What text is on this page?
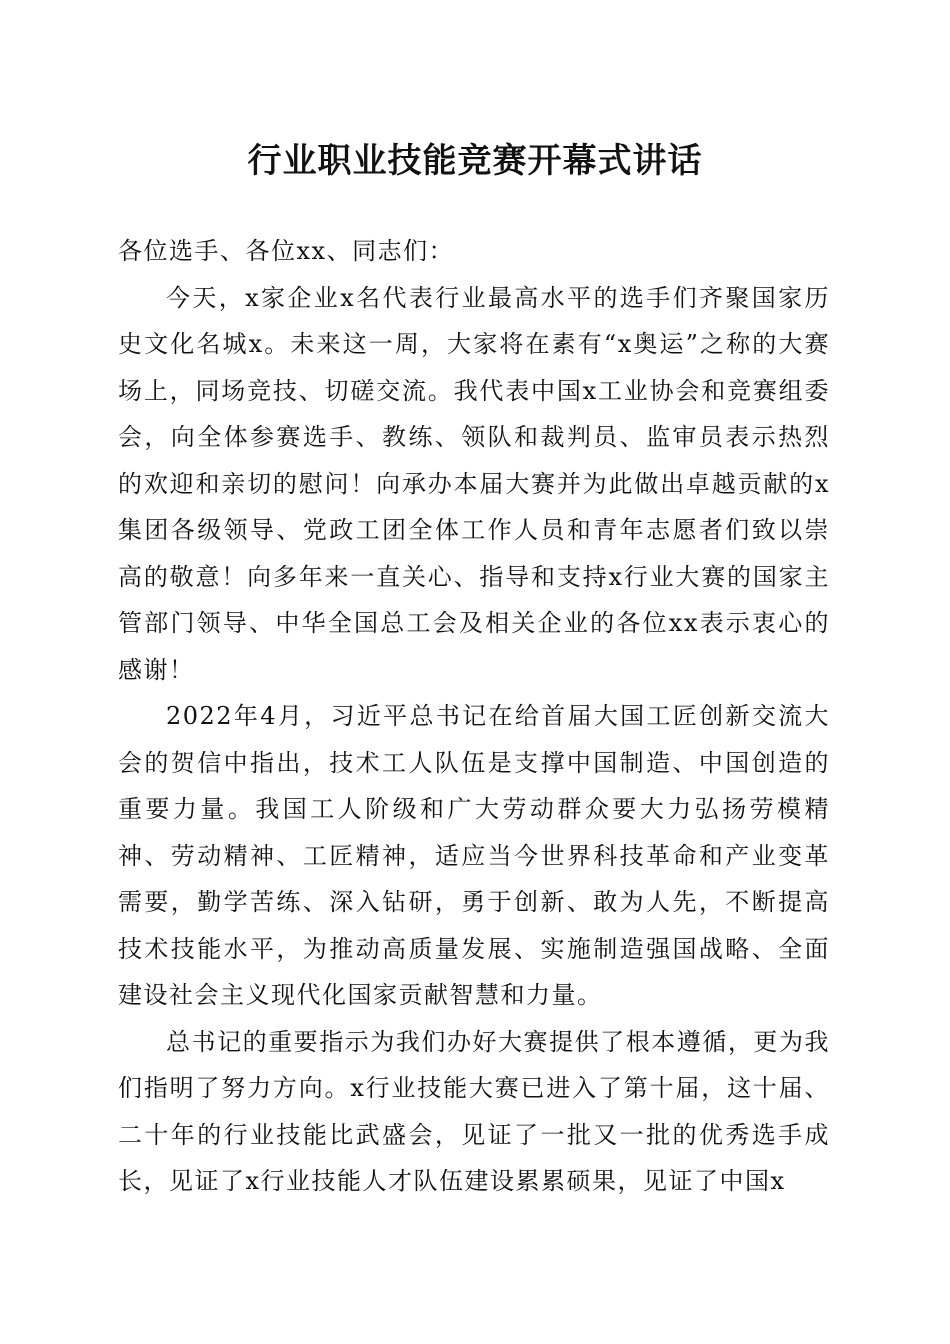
行业职业技能竞赛开幕式讲话

各位选手、各位xx、同志们：

今天，x家企业x名代表行业最高水平的选手们齐聚国家历史文化名城x。未来这一周，大家将在素有“x奥运”之称的大赛场上，同场竞技、切磋交流。我代表中国x工业协会和竞赛组委会，向全体参赛选手、教练、领队和裁判员、监审员表示热烈的欢迎和亲切的慰问！向承办本届大赛并为此做出卓越贡献的x集团各级领导、党政工团全体工作人员和青年志愿者们致以崇高的敬意！向多年来一直关心、指导和支持x行业大赛的国家主管部门领导、中华全国总工会及相关企业的各位xx表示衷心的感谢！

2022年4月，习近平总书记在给首届大国工匠创新交流大会的贺信中指出，技术工人队伍是支撑中国制造、中国创造的重要力量。我国工人阶级和广大劳动群众要大力弘扬劳模精神、劳动精神、工匠精神，适应当今世界科技革命和产业变革需要，勤学苦练、深入钻研，勇于创新、敢为人先，不断提高技术技能水平，为推动高质量发展、实施制造强国战略、全面建设社会主义现代化国家贡献智慧和力量。

总书记的重要指示为我们办好大赛提供了根本遵循，更为我们指明了努力方向。x行业技能大赛已进入了第十届，这十届、二十年的行业技能比武盛会，见证了一批又一批的优秀选手成长，见证了x行业技能人才队伍建设累累硕果，见证了中国x
